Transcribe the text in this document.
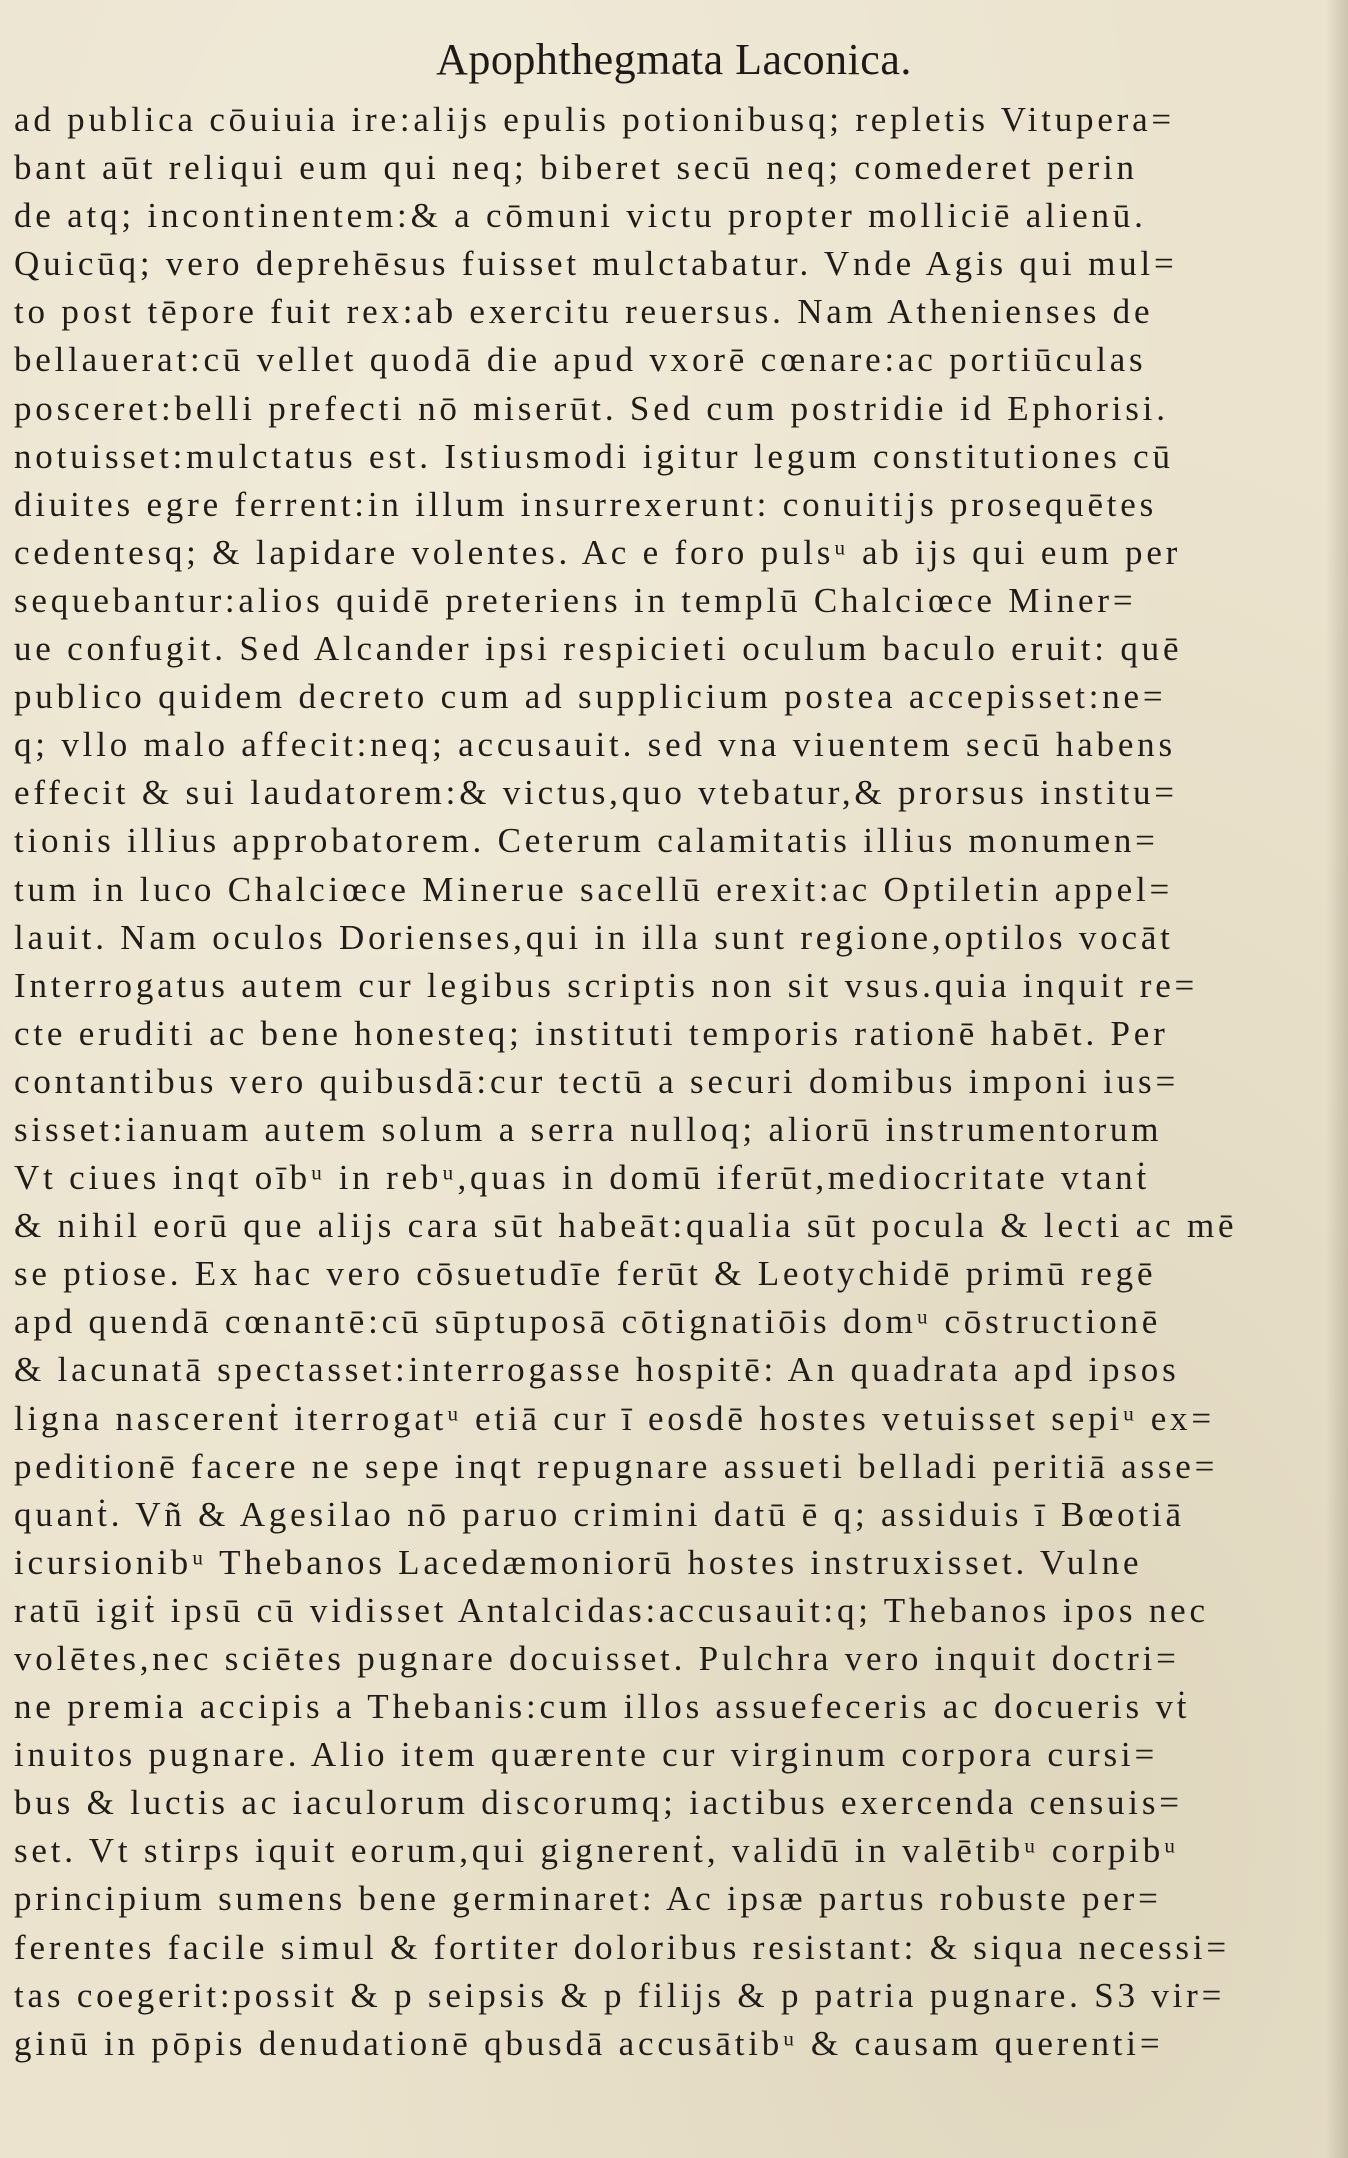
Apophthegmata Laconica.
ad publica cōuiuia ire:alijs epulis potionibusq; repletis Vitupera=
bant aūt reliqui eum qui neq; biberet secū neq; comederet perin
de atq; incontinentem:& a cōmuni victu propter molliciē alienū.
Quicūq; vero deprehēsus fuisset mulctabatur. Vnde Agis qui mul=
to post tēpore fuit rex:ab exercitu reuersus. Nam Athenienses de
bellauerat:cū vellet quodā die apud vxorē cœnare:ac portiūculas
posceret:belli prefecti nō miserūt. Sed cum postridie id Ephorisi.
notuisset:mulctatus est. Istiusmodi igitur legum constitutiones cū
diuites egre ferrent:in illum insurrexerunt: conuitijs prosequētes
cedentesq; & lapidare volentes. Ac e foro pulsᵘ ab ijs qui eum per
sequebantur:alios quidē preteriens in templū Chalciœce Miner=
ue confugit. Sed Alcander ipsi respicieti oculum baculo eruit: quē
publico quidem decreto cum ad supplicium postea accepisset:ne=
q; vllo malo affecit:neq; accusauit. sed vna viuentem secū habens
effecit & sui laudatorem:& victus,quo vtebatur,& prorsus institu=
tionis illius approbatorem. Ceterum calamitatis illius monumen=
tum in luco Chalciœce Minerue sacellū erexit:ac Optiletin appel=
lauit. Nam oculos Dorienses,qui in illa sunt regione,optilos vocāt
Interrogatus autem cur legibus scriptis non sit vsus.quia inquit re=
cte eruditi ac bene honesteq; instituti temporis rationē habēt. Per
contantibus vero quibusdā:cur tectū a securi domibus imponi ius=
sisset:ianuam autem solum a serra nulloq; aliorū instrumentorum
Vt ciues inqt oībᵘ in rebᵘ,quas in domū iferūt,mediocritate vtanṫ
& nihil eorū que alijs cara sūt habeāt:qualia sūt pocula & lecti ac mē
se ptiose. Ex hac vero cōsuetudīe ferūt & Leotychidē primū regē
apd quendā cœnantē:cū sūptuposā cōtignatiōis domᵘ cōstructionē
& lacunatā spectasset:interrogasse hospitē: An quadrata apd ipsos
ligna nascerenṫ iterrogatᵘ etiā cur ī eosdē hostes vetuisset sepiᵘ ex=
peditionē facere ne sepe inqt repugnare assueti belladi peritiā asse=
quanṫ. Vñ & Agesilao nō paruo crimini datū ē q; assiduis ī Bœotiā
icursionibᵘ Thebanos Lacedæmoniorū hostes instruxisset. Vulne
ratū igiṫ ipsū cū vidisset Antalcidas:accusauit:q; Thebanos ipos nec
volētes,nec sciētes pugnare docuisset. Pulchra vero inquit doctri=
ne premia accipis a Thebanis:cum illos assuefeceris ac docueris vṫ
inuitos pugnare. Alio item quærente cur virginum corpora cursi=
bus & luctis ac iaculorum discorumq; iactibus exercenda censuis=
set. Vt stirps iquit eorum,qui gignerenṫ, validū in valētibᵘ corpibᵘ
principium sumens bene germinaret: Ac ipsæ partus robuste per=
ferentes facile simul & fortiter doloribus resistant: & siqua necessi=
tas coegerit:possit & p seipsis & p filijs & p patria pugnare. S3 vir=
ginū in pōpis denudationē qbusdā accusātibᵘ & causam querenti=
